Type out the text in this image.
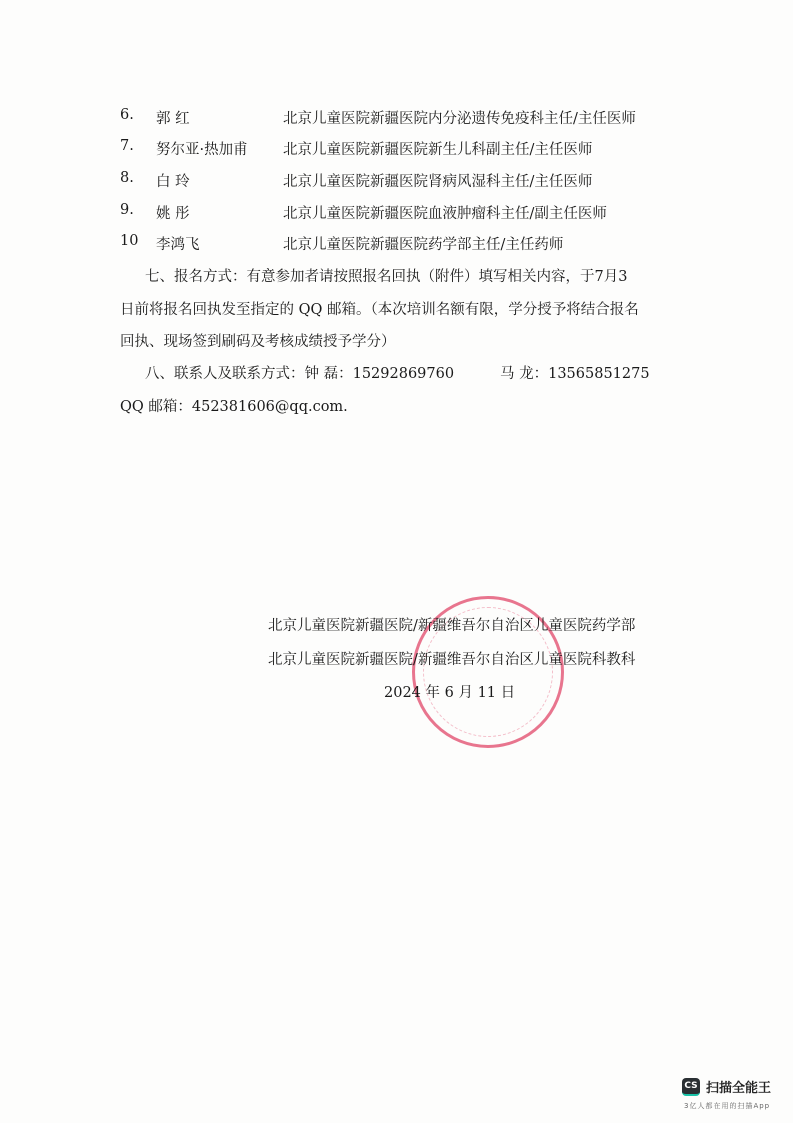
6. 郭 红	北京儿童医院新疆医院内分泌遗传免疫科主任/主任医师
7. 努尔亚·热加甫 北京儿童医院新疆医院新生儿科副主任/主任医师
8. 白 玲	北京儿童医院新疆医院肾病风湿科主任/主任医师
9. 姚 彤	北京儿童医院新疆医院血液肿瘤科主任/副主任医师
10 李鸿飞	北京儿童医院新疆医院药学部主任/主任药师
七、报名方式：有意参加者请按照报名回执（附件）填写相关内容，于7月3
日前将报名回执发至指定的 QQ 邮箱。（本次培训名额有限，学分授予将结合报名
回执、现场签到刷码及考核成绩授予学分）
八、联系人及联系方式：钟 磊：15292869760	马 龙：13565851275
QQ 邮箱：452381606@qq.com.
北京儿童医院新疆医院/新疆维吾尔自治区儿童医院药学部
北京儿童医院新疆医院/新疆维吾尔自治区儿童医院科教科
2024 年 6 月 11 日
CS 扫描全能王
3亿人都在用的扫描App
